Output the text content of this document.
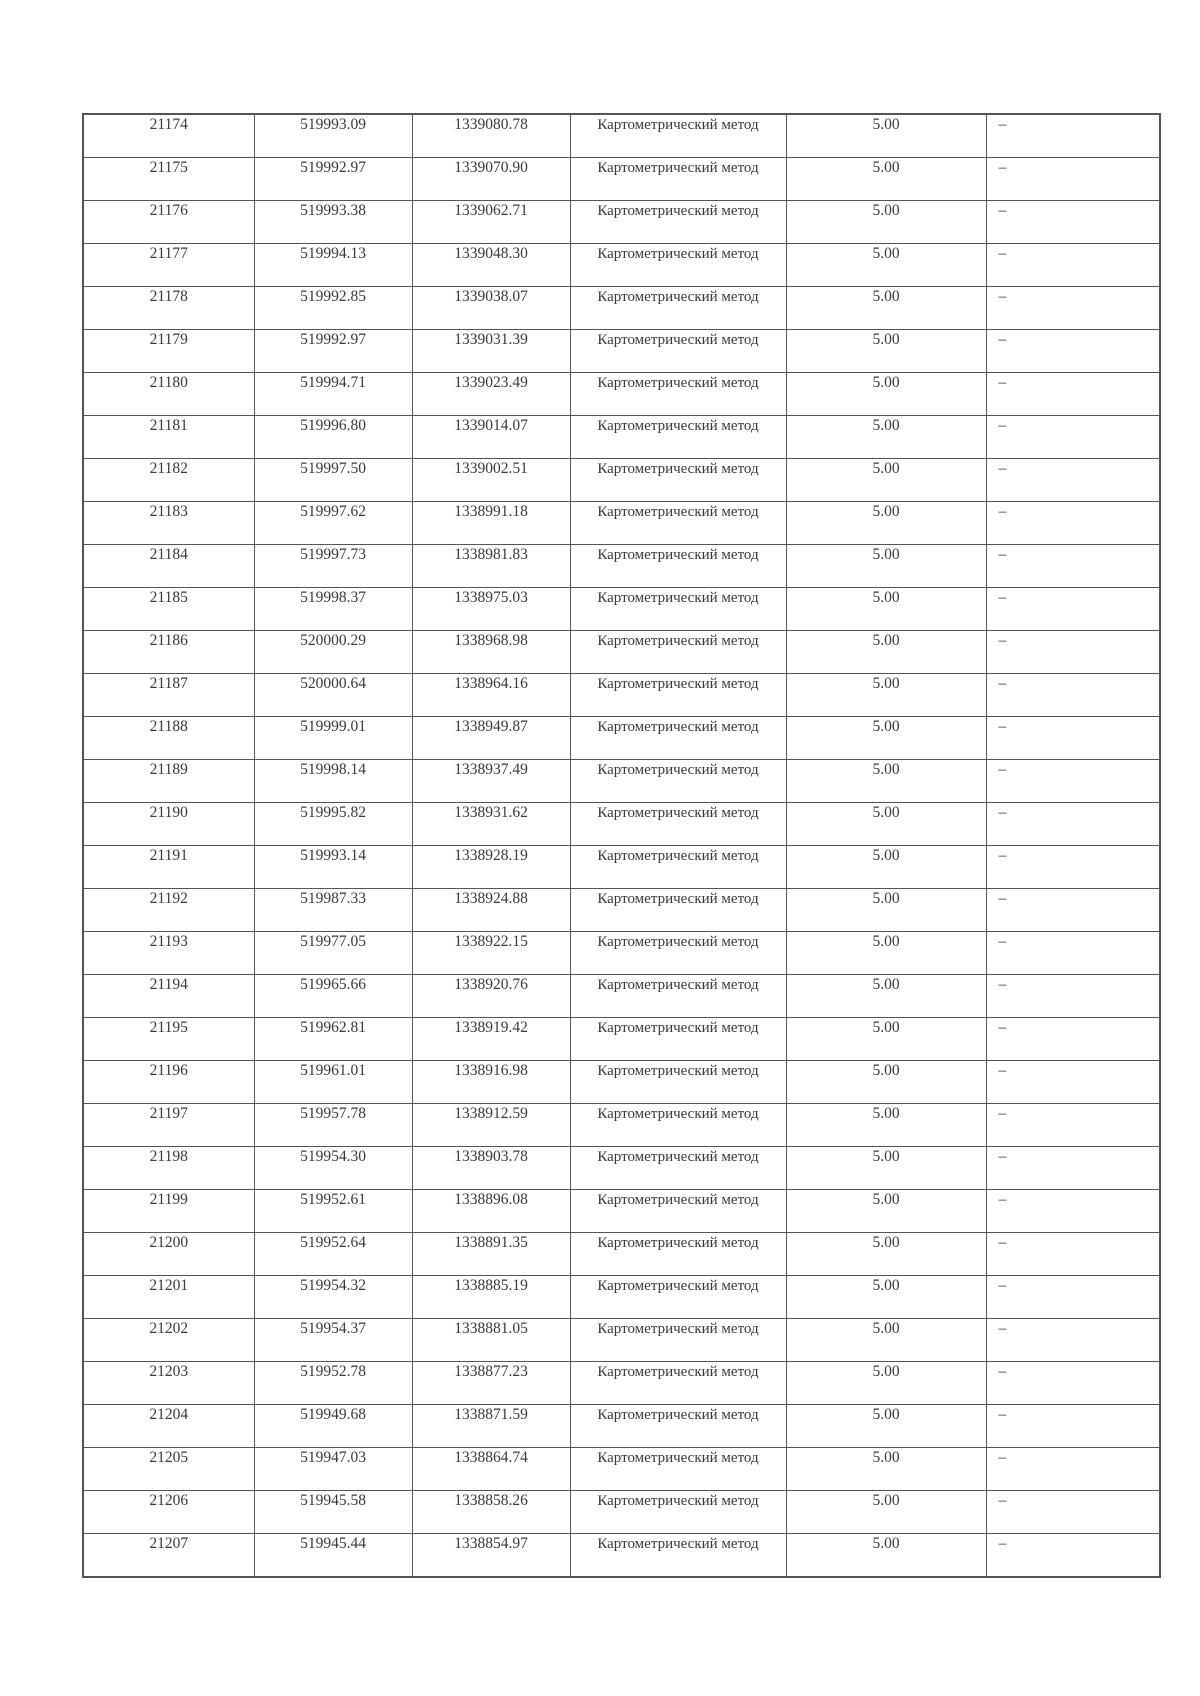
21174	519993.09	1339080.78	Картометрический метод	5.00	–
21175	519992.97	1339070.90	Картометрический метод	5.00	–
21176	519993.38	1339062.71	Картометрический метод	5.00	–
21177	519994.13	1339048.30	Картометрический метод	5.00	–
21178	519992.85	1339038.07	Картометрический метод	5.00	–
21179	519992.97	1339031.39	Картометрический метод	5.00	–
21180	519994.71	1339023.49	Картометрический метод	5.00	–
21181	519996.80	1339014.07	Картометрический метод	5.00	–
21182	519997.50	1339002.51	Картометрический метод	5.00	–
21183	519997.62	1338991.18	Картометрический метод	5.00	–
21184	519997.73	1338981.83	Картометрический метод	5.00	–
21185	519998.37	1338975.03	Картометрический метод	5.00	–
21186	520000.29	1338968.98	Картометрический метод	5.00	–
21187	520000.64	1338964.16	Картометрический метод	5.00	–
21188	519999.01	1338949.87	Картометрический метод	5.00	–
21189	519998.14	1338937.49	Картометрический метод	5.00	–
21190	519995.82	1338931.62	Картометрический метод	5.00	–
21191	519993.14	1338928.19	Картометрический метод	5.00	–
21192	519987.33	1338924.88	Картометрический метод	5.00	–
21193	519977.05	1338922.15	Картометрический метод	5.00	–
21194	519965.66	1338920.76	Картометрический метод	5.00	–
21195	519962.81	1338919.42	Картометрический метод	5.00	–
21196	519961.01	1338916.98	Картометрический метод	5.00	–
21197	519957.78	1338912.59	Картометрический метод	5.00	–
21198	519954.30	1338903.78	Картометрический метод	5.00	–
21199	519952.61	1338896.08	Картометрический метод	5.00	–
21200	519952.64	1338891.35	Картометрический метод	5.00	–
21201	519954.32	1338885.19	Картометрический метод	5.00	–
21202	519954.37	1338881.05	Картометрический метод	5.00	–
21203	519952.78	1338877.23	Картометрический метод	5.00	–
21204	519949.68	1338871.59	Картометрический метод	5.00	–
21205	519947.03	1338864.74	Картометрический метод	5.00	–
21206	519945.58	1338858.26	Картометрический метод	5.00	–
21207	519945.44	1338854.97	Картометрический метод	5.00	–
